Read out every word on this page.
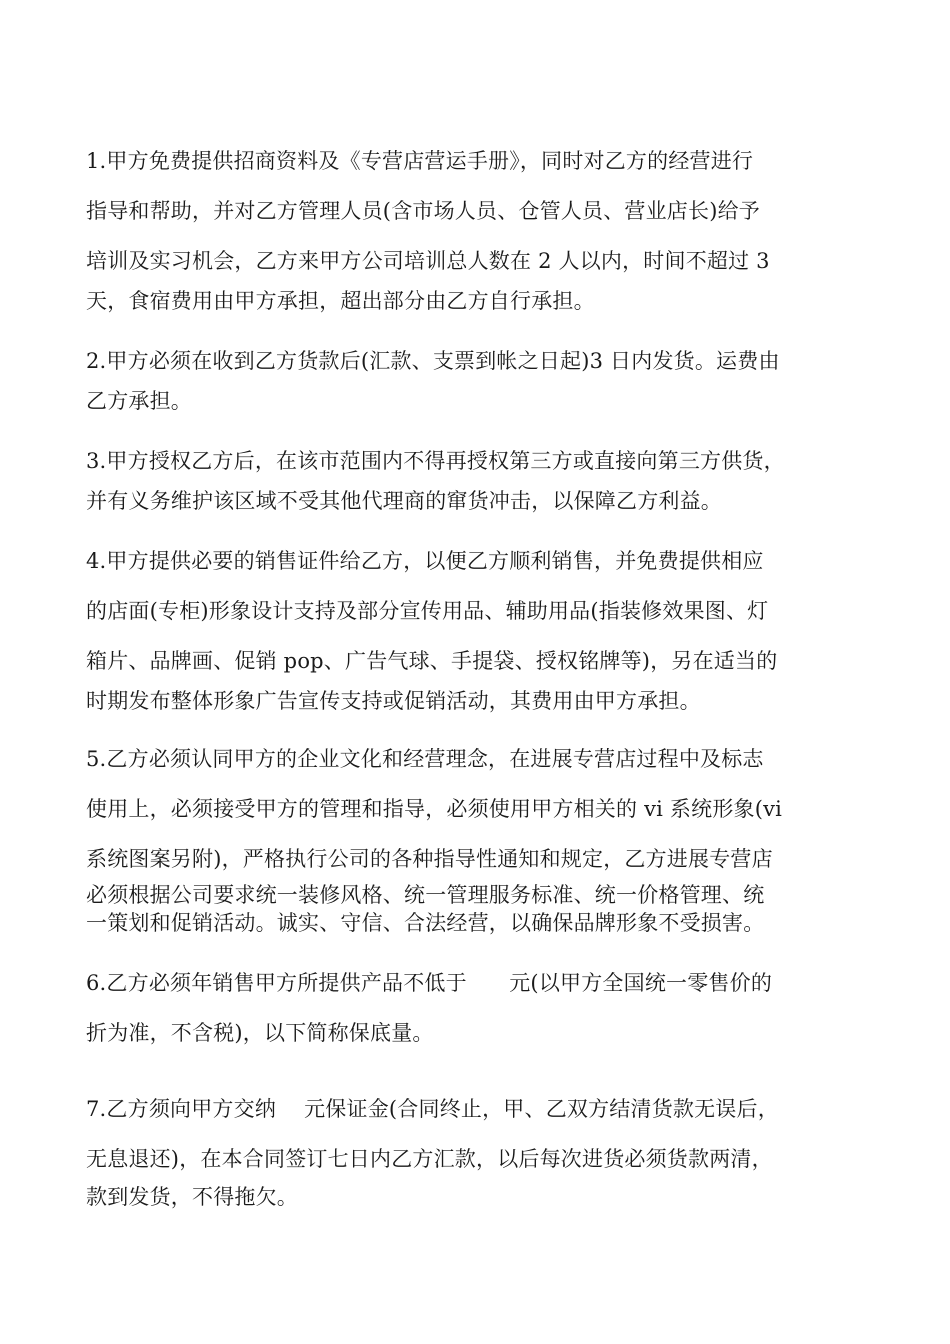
1.甲方免费提供招商资料及《专营店营运手册》，同时对乙方的经营进行
指导和帮助，并对乙方管理人员(含市场人员、仓管人员、营业店长)给予
培训及实习机会，乙方来甲方公司培训总人数在 2 人以内，时间不超过 3
天，食宿费用由甲方承担，超出部分由乙方自行承担。
2.甲方必须在收到乙方货款后(汇款、支票到帐之日起)3 日内发货。运费由
乙方承担。
3.甲方授权乙方后，在该市范围内不得再授权第三方或直接向第三方供货，
并有义务维护该区域不受其他代理商的窜货冲击，以保障乙方利益。
4.甲方提供必要的销售证件给乙方，以便乙方顺利销售，并免费提供相应
的店面(专柜)形象设计支持及部分宣传用品、辅助用品(指装修效果图、灯
箱片、品牌画、促销 pop、广告气球、手提袋、授权铭牌等)，另在适当的
时期发布整体形象广告宣传支持或促销活动，其费用由甲方承担。
5.乙方必须认同甲方的企业文化和经营理念，在进展专营店过程中及标志
使用上，必须接受甲方的管理和指导，必须使用甲方相关的 vi 系统形象(vi
系统图案另附)，严格执行公司的各种指导性通知和规定，乙方进展专营店
必须根据公司要求统一装修风格、统一管理服务标准、统一价格管理、统
一策划和促销活动。诚实、守信、合法经营，以确保品牌形象不受损害。
6.乙方必须年销售甲方所提供产品不低于　　元(以甲方全国统一零售价的
折为准，不含税)，以下简称保底量。
7.乙方须向甲方交纳　 元保证金(合同终止，甲、乙双方结清货款无误后，
无息退还)，在本合同签订七日内乙方汇款，以后每次进货必须货款两清，
款到发货，不得拖欠。
